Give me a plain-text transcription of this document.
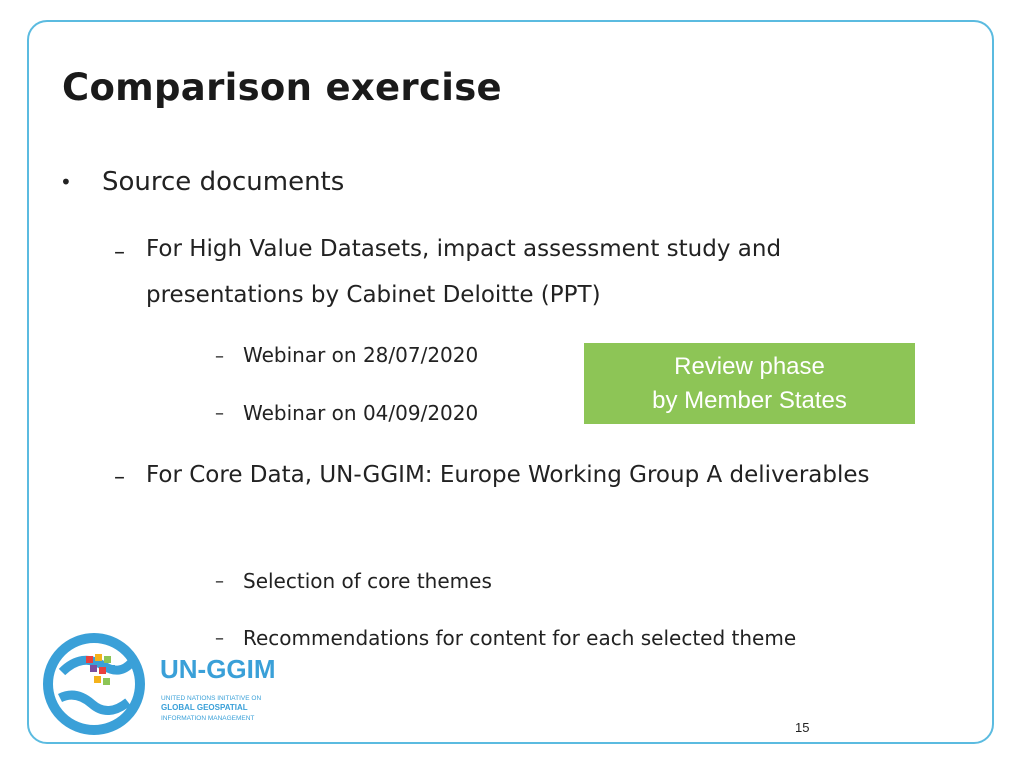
Comparison exercise
• Source documents
– For High Value Datasets, impact assessment study and presentations by Cabinet Deloitte (PPT)
– Webinar on 28/07/2020
– Webinar on 04/09/2020
Review phase
by Member States
– For Core Data, UN-GGIM: Europe Working Group A deliverables
– Selection of core themes
– Recommendations for content for each selected theme
UN-GGIM
UNITED NATIONS INITIATIVE ON
GLOBAL GEOSPATIAL
INFORMATION MANAGEMENT
15
